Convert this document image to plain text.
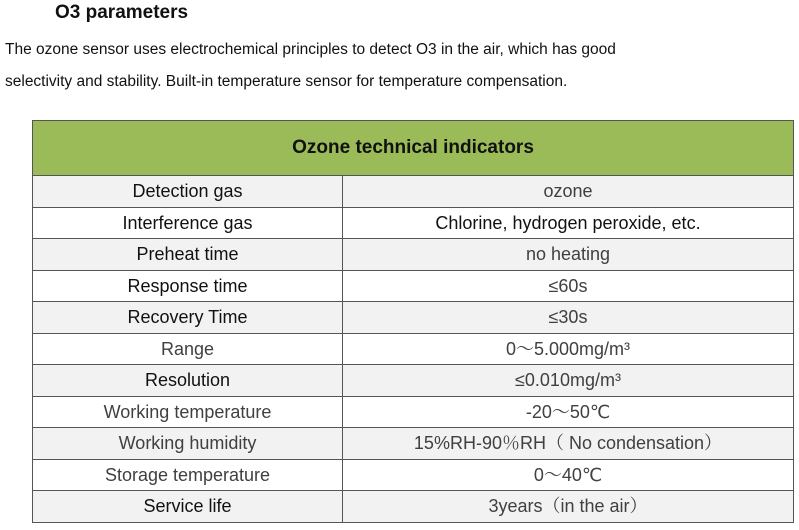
O3 parameters

The ozone sensor uses electrochemical principles to detect O3 in the air, which has good

selectivity and stability. Built-in temperature sensor for temperature compensation.

Ozone technical indicators	
Detection gas	ozone
Interference gas	Chlorine, hydrogen peroxide, etc.
Preheat time	no heating
Response time	≤60s
Recovery Time	≤30s
Range	0～5.000mg/m³
Resolution	≤0.010mg/m³
Working temperature	-20～50℃
Working humidity	15%RH-90％RH（ No condensation）
Storage temperature	0～40℃
Service life	3years（in the air）
